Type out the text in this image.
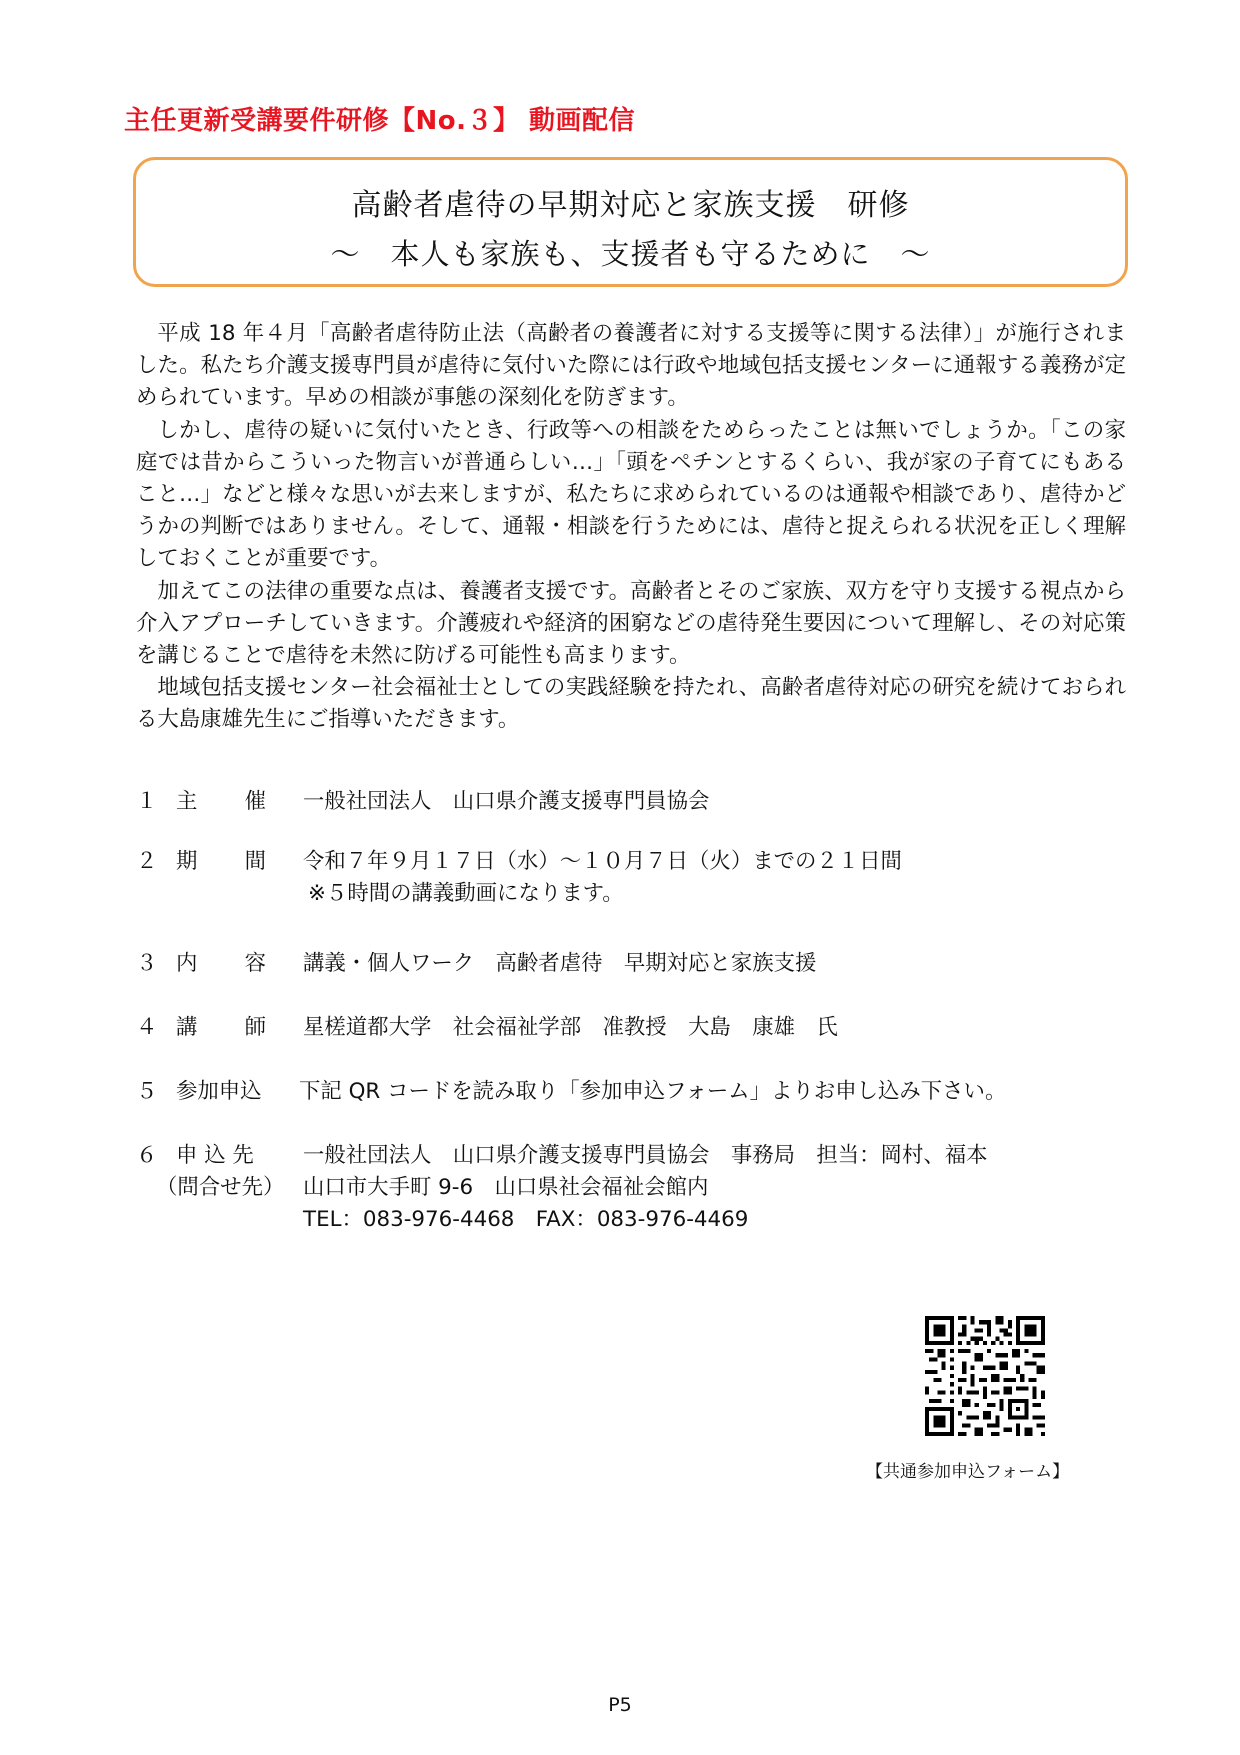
主任更新受講要件研修【No.３】 動画配信
高齢者虐待の早期対応と家族支援　研修
～　本人も家族も、支援者も守るために　～

平成 18 年４月「高齢者虐待防止法（高齢者の養護者に対する支援等に関する法律）」が施行されました。私たち介護支援専門員が虐待に気付いた際には行政や地域包括支援センターに通報する義務が定められています。早めの相談が事態の深刻化を防ぎます。

しかし、虐待の疑いに気付いたとき、行政等への相談をためらったことは無いでしょうか。「この家庭では昔からこういった物言いが普通らしい…」「頭をペチンとするくらい、我が家の子育てにもあること…」などと様々な思いが去来しますが、私たちに求められているのは通報や相談であり、虐待かどうかの判断ではありません。そして、通報・相談を行うためには、虐待と捉えられる状況を正しく理解しておくことが重要です。

加えてこの法律の重要な点は、養護者支援です。高齢者とそのご家族、双方を守り支援する視点から介入アプローチしていきます。介護疲れや経済的困窮などの虐待発生要因について理解し、その対応策を講じることで虐待を未然に防げる可能性も高まります。

地域包括支援センター社会福祉士としての実践経験を持たれ、高齢者虐待対応の研究を続けておられる大島康雄先生にご指導いただきます。

１ 主 催 一般社団法人　山口県介護支援専門員協会
２ 期 間 令和７年９月１７日（水）～１０月７日（火）までの２１日間
※５時間の講義動画になります。
３ 内 容 講義・個人ワーク　高齢者虐待　早期対応と家族支援
４ 講 師 星槎道都大学　社会福祉学部　准教授　大島　康雄　氏
５ 参加申込	下記 QR コードを読み取り「参加申込フォーム」よりお申し込み下さい。
６ 申 込 先
（問合せ先）
一般社団法人　山口県介護支援専門員協会　事務局　担当：岡村、福本
山口市大手町 9-6　山口県社会福祉会館内
TEL：083-976-4468　FAX：083-976-4469
【共通参加申込フォーム】
P5
